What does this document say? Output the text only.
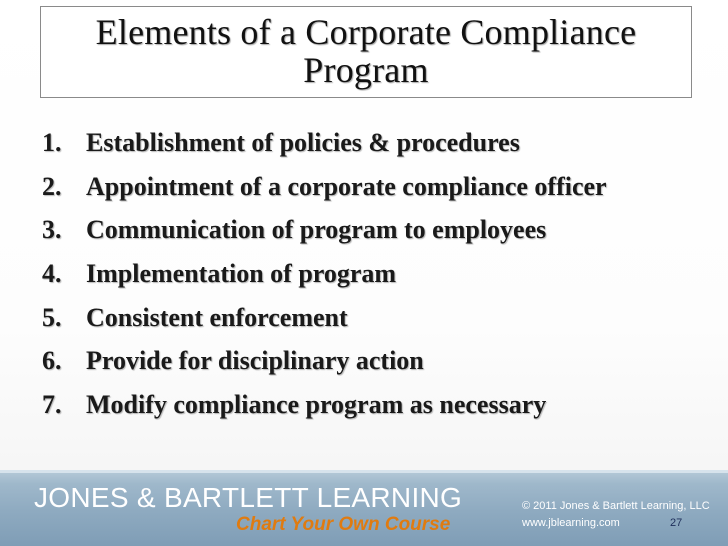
Elements of a Corporate Compliance
Program
1. Establishment of policies & procedures
2. Appointment of a corporate compliance officer
3. Communication of program to employees
4. Implementation of program
5. Consistent enforcement
6. Provide for disciplinary action
7. Modify compliance program as necessary
JONES & BARTLETT LEARNING
Chart Your Own Course
© 2011 Jones & Bartlett Learning, LLC
www.jblearning.com	27
